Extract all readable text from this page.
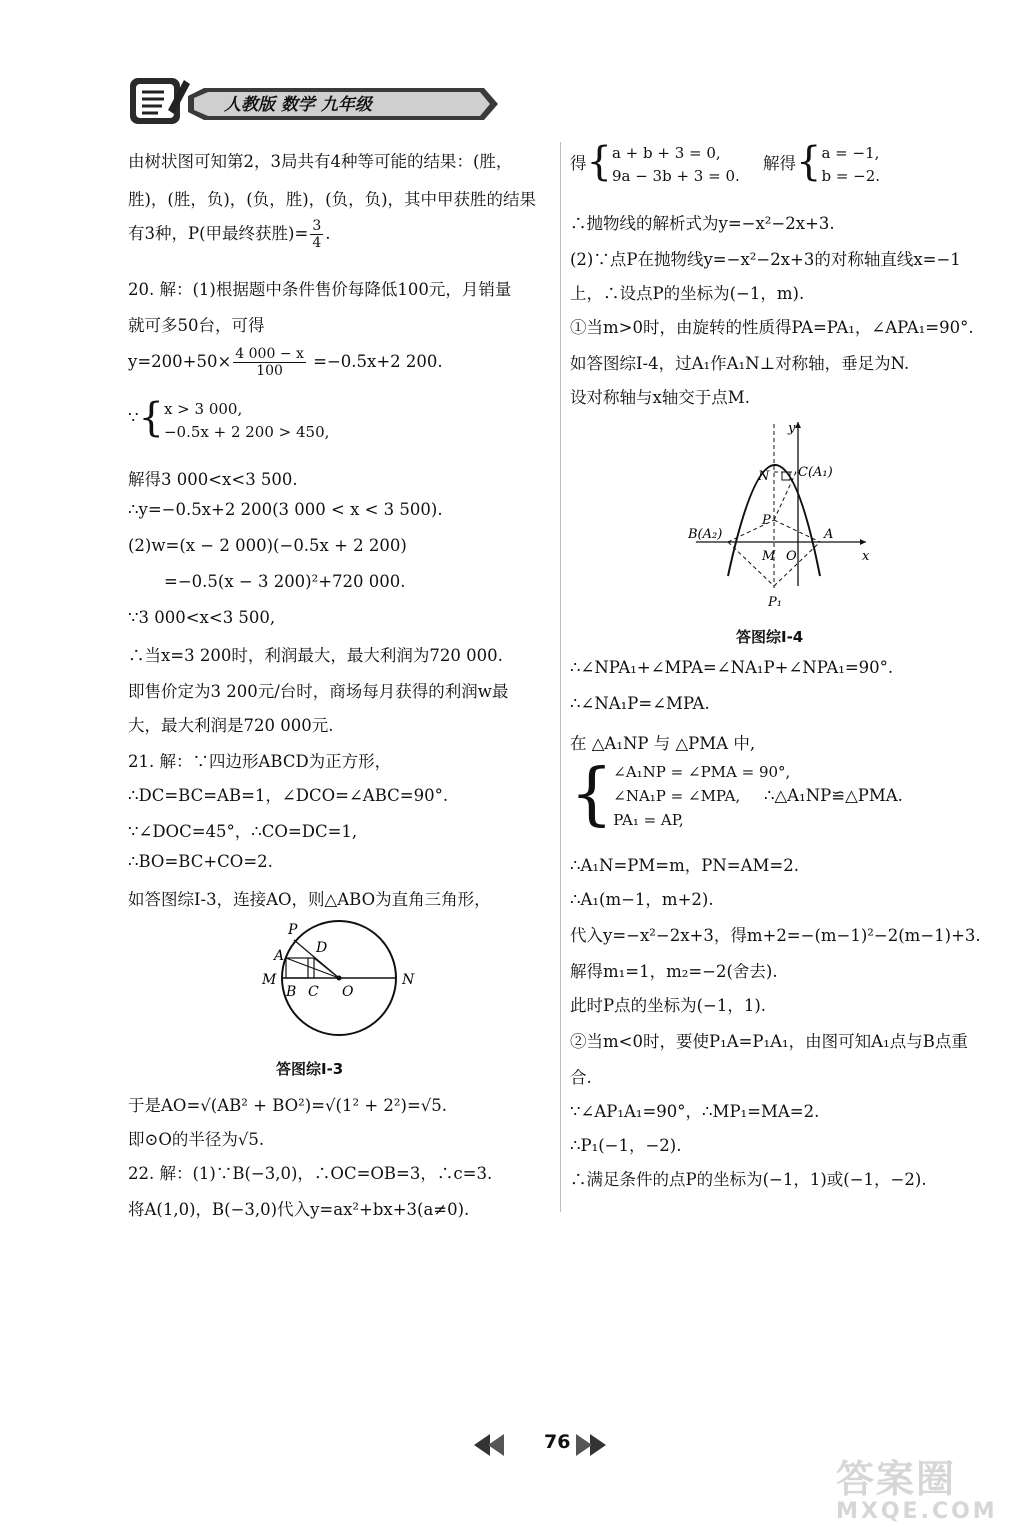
人教版 数学 九年级
由树状图可知第2，3局共有4种等可能的结果：(胜，
胜)，(胜，负)，(负，胜)，(负，负)，其中甲获胜的结果
有3种，P(甲最终获胜)= $\frac{3}{4}$ .
20. 解：(1)根据题中条件售价每降低100元，月销量
就可多50台，可得
$y=200+50\times \frac{4 000 - x}{100} =-0.5x+2$ 200.
∵{ x > 3 000,
−0.5x + 2 200 > 450,
解得3 000<x<3 500.
∴y=−0.5x+2 200(3 000 < x < 3 500).
(2)w=(x − 2 000)(−0.5x + 2 200)
=−0.5(x − 3 200)²+720 000.
∵3 000<x<3 500,
∴当x=3 200时，利润最大，最大利润为720 000.
即售价定为3 200元/台时，商场每月获得的利润w最
大，最大利润是720 000元.
21. 解：∵四边形ABCD为正方形，
∴DC=BC=AB=1，∠DCO=∠ABC=90°.
∵∠DOC=45°，∴CO=DC=1,
∴BO=BC+CO=2.
如答图综Ⅰ-3，连接AO，则△ABO为直角三角形，
P
A D
M
B C O
N
答图综Ⅰ-3
于是AO=√(AB² + BO²)=√(1² + 2²)=√5.
即⊙O的半径为√5.
22. 解：(1)∵B(−3,0)，∴OC=OB=3，∴c=3.
将A(1,0)，B(−3,0)代入y=ax²+bx+3(a≠0).
得{ a + b + 3 = 0,
9a − 3b + 3 = 0.
解得{ a = −1,
b = −2.
∴抛物线的解析式为y=−x²−2x+3.
(2)∵点P在抛物线y=−x²−2x+3的对称轴直线x=−1
上，∴设点P的坐标为(−1，m).
①当m>0时，由旋转的性质得PA=PA₁，∠APA₁=90°.
如答图综Ⅰ-4，过A₁作A₁N⊥对称轴，垂足为N.
设对称轴与x轴交于点M.
y
x
N C(A₁)
P
B(A₂)	A
M O
P₁
答图综Ⅰ-4
∴∠NPA₁+∠MPA=∠NA₁P+∠NPA₁=90°.
∴∠NA₁P=∠MPA.
在 △A₁NP 与 △PMA 中,
{ ∠A₁NP = ∠PMA = 90°,
∠NA₁P = ∠MPA,
PA₁ = AP,
∴△A₁NP≌△PMA.
∴A₁N=PM=m，PN=AM=2.
∴A₁(m−1，m+2).
代入y=−x²−2x+3，得m+2=−(m−1)²−2(m−1)+3.
解得m₁=1，m₂=−2(舍去).
此时P点的坐标为(−1，1).
②当m<0时，要使P₁A=P₁A₁，由图可知A₁点与B点重
合.
∵∠AP₁A₁=90°，∴MP₁=MA=2.
∴P₁(−1，−2).
∴满足条件的点P的坐标为(−1，1)或(−1，−2).
76
答案圈
MXQE.COM
